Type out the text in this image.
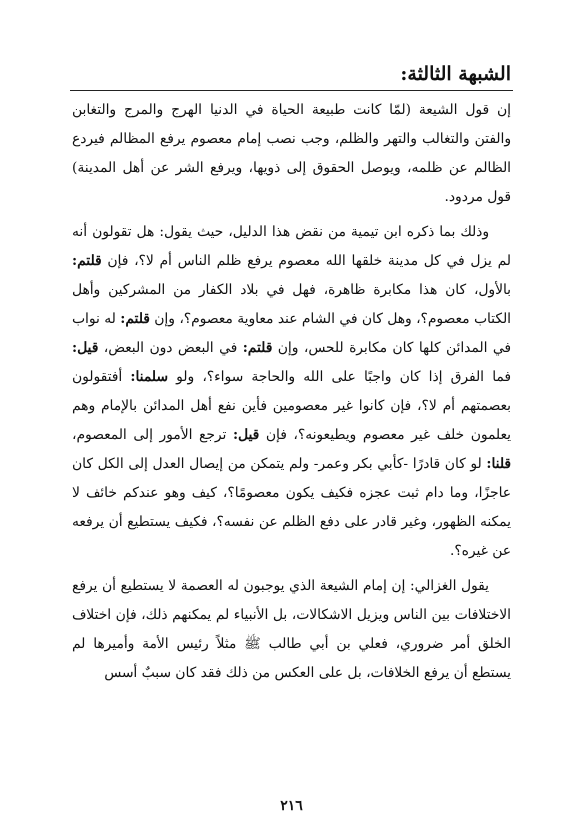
الشبهة الثالثة:

إن قول الشيعة (لمّا كانت طبيعة الحياة في الدنيا الهرج والمرج والتغابن والفتن والتغالب والتهر والظلم، وجب نصب إمام معصوم يرفع المظالم فيردع الظالم عن ظلمه، ويوصل الحقوق إلى ذويها، ويرفع الشر عن أهل المدينة) قول مردود.

وذلك بما ذكره ابن تيمية من نقض هذا الدليل، حيث يقول: هل تقولون أنه لم يزل في كل مدينة خلقها الله معصوم يرفع ظلم الناس أم لا؟، فإن قلتم: بالأول، كان هذا مكابرة ظاهرة، فهل في بلاد الكفار من المشركين وأهل الكتاب معصوم؟، وهل كان في الشام عند معاوية معصوم؟، وإن قلتم: له نواب في المدائن كلها كان مكابرة للحس، وإن قلتم: في البعض دون البعض، قيل: فما الفرق إذا كان واجبًا على الله والحاجة سواء؟، ولو سلمنا: أفتقولون بعصمتهم أم لا؟، فإن كانوا غير معصومين فأين نفع أهل المدائن بالإمام وهم يعلمون خلف غير معصوم ويطيعونه؟، فإن قيل: ترجع الأمور إلى المعصوم، قلنا: لو كان قادرًا -كأبي بكر وعمر- ولم يتمكن من إيصال العدل إلى الكل كان عاجزًا، وما دام ثبت عجزه فكيف يكون معصومًا؟، كيف وهو عندكم خائف لا يمكنه الظهور، وغير قادر على دفع الظلم عن نفسه؟، فكيف يستطيع أن يرفعه عن غيره؟.

يقول الغزالي: إن إمام الشيعة الذي يوجبون له العصمة لا يستطيع أن يرفع الاختلافات بين الناس ويزيل الاشكالات، بل الأنبياء لم يمكنهم ذلك، فإن اختلاف الخلق أمر ضروري، فعلي بن أبي طالب ﷺ مثلاً رئيس الأمة وأميرها لم يستطع أن يرفع الخلافات، بل على العكس من ذلك فقد كان سببٌ أسس

٢١٦
